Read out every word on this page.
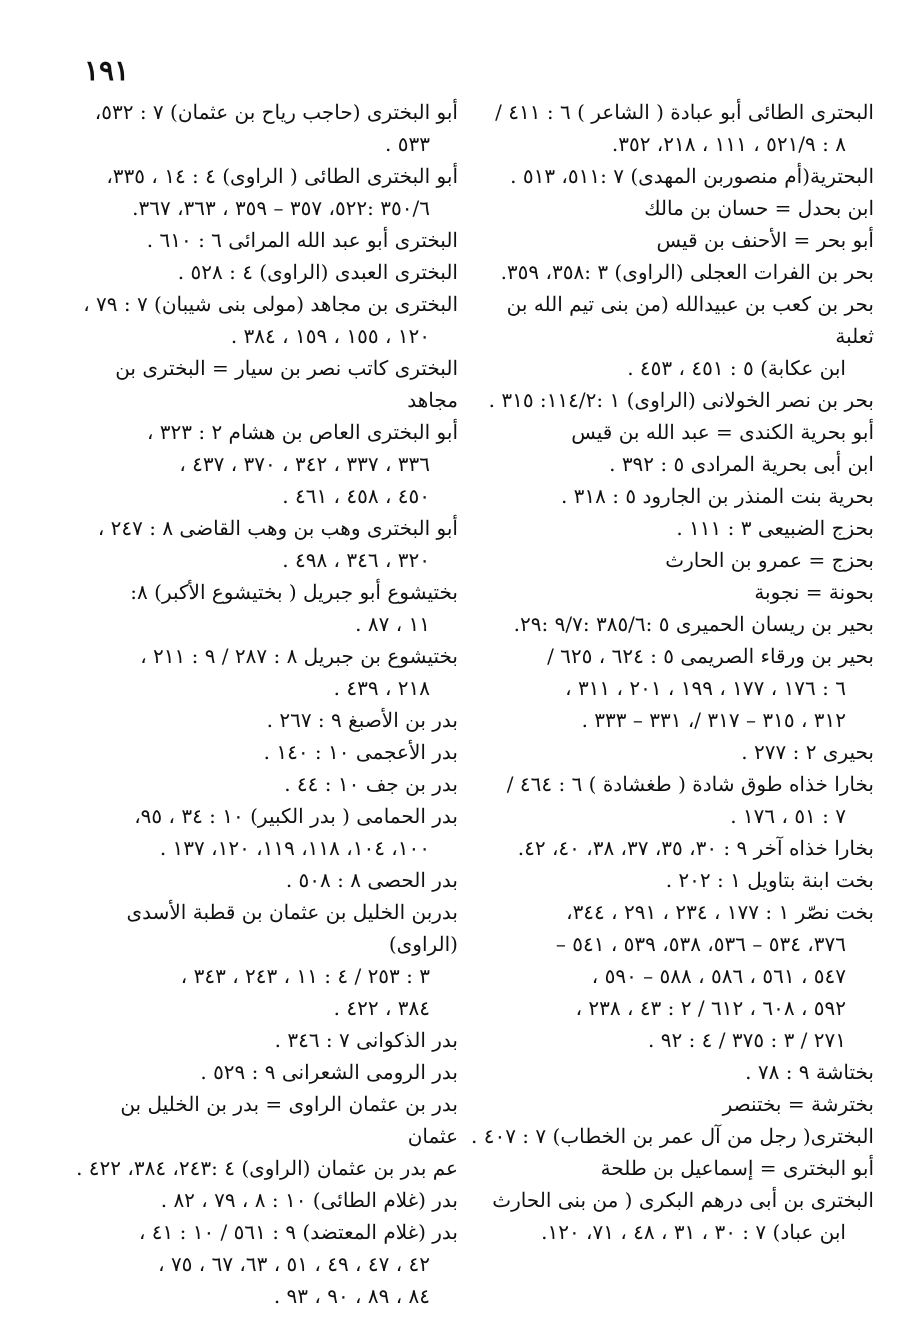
١٩١
البحترى الطائى أبو عبادة ( الشاعر ) ٦ : ٤١١ /

٨ : ٥٢١/٩ ، ١١١ ، ٢١٨، ٣٥٢.
البحترية(أم منصوربن المهدى) ٧ :٥١١، ٥١٣ .
ابن بحدل = حسان بن مالك
أبو بحر = الأحنف بن قيس
بحر بن الفرات العجلى (الراوى) ٣ :٣٥٨، ٣٥٩.
بحر بن كعب بن عبيدالله (من بنى تيم الله بن ثعلبة

ابن عكابة) ٥ : ٤٥١ ، ٤٥٣ .
بحر بن نصر الخولانى (الراوى) ١ :١١٤/٢: ٣١٥ .
أبو بحرية الكندى = عبد الله بن قيس
ابن أبى بحرية المرادى ٥ : ٣٩٢ .
بحرية بنت المنذر بن الجارود ٥ : ٣١٨ .
بحزج الضبيعى ٣ : ١١١ .
بحزج = عمرو بن الحارث
بحونة = نجوبة
بحير بن ريسان الحميرى ٥ :٣٨٥/٦ :٩/٧ :٢٩.
بحير بن ورقاء الصريمى ٥ : ٦٢٤ ، ٦٢٥ /

٦ : ١٧٦ ، ١٧٧ ، ١٩٩ ، ٢٠١ ، ٣١١ ،
٣١٢ ، ٣١٥ – ٣١٧ /، ٣٣١ – ٣٣٣ .
بحيرى ٢ : ٢٧٧ .
بخارا خذاه طوق شادة ( طغشادة ) ٦ : ٤٦٤ /

٧ : ٥١ ، ١٧٦ .
بخارا خذاه آخر ٩ : ٣٠، ٣٥، ٣٧، ٣٨، ٤٠، ٤٢.
بخت ابنة بتاويل ١ : ٢٠٢ .
بخت نصّر ١ : ١٧٧ ، ٢٣٤ ، ٢٩١ ، ٣٤٤،

٣٧٦، ٥٣٤ – ٥٣٦، ٥٣٨، ٥٣٩ ، ٥٤١ –
٥٤٧ ، ٥٦١ ، ٥٨٦ ، ٥٨٨ – ٥٩٠ ،
٥٩٢ ، ٦٠٨ ، ٦١٢ / ٢ : ٤٣ ، ٢٣٨ ،
٢٧١ / ٣ : ٣٧٥ / ٤ : ٩٢ .
بختاشة ٩ : ٧٨ .
بخترشة = بختنصر
البخترى( رجل من آل عمر بن الخطاب) ٧ : ٤٠٧ .
أبو البخترى = إسماعيل بن طلحة
البخترى بن أبى درهم البكرى ( من بنى الحارث

ابن عباد) ٧ : ٣٠ ، ٣١ ، ٤٨ ، ٧١، ١٢٠.
أبو البخترى (حاجب رياح بن عثمان) ٧ : ٥٣٢،

٥٣٣ .
أبو البخترى الطائى ( الراوى) ٤ : ١٤ ، ٣٣٥،

٣٥٠/٦ :٥٢٢، ٣٥٧ – ٣٥٩ ، ٣٦٣، ٣٦٧.
البخترى أبو عبد الله المرائى ٦ : ٦١٠ .
البخترى العبدى (الراوى) ٤ : ٥٢٨ .
البخترى بن مجاهد (مولى بنى شيبان) ٧ : ٧٩ ،

١٢٠ ، ١٥٥ ، ١٥٩ ، ٣٨٤ .
البخترى كاتب نصر بن سيار = البخترى بن مجاهد
أبو البخترى العاص بن هشام ٢ : ٣٢٣ ،

٣٣٦ ، ٣٣٧ ، ٣٤٢ ، ٣٧٠ ، ٤٣٧ ،
٤٥٠ ، ٤٥٨ ، ٤٦١ .
أبو البخترى وهب بن وهب القاضى ٨ : ٢٤٧ ،

٣٢٠ ، ٣٤٦ ، ٤٩٨ .
بختيشوع أبو جبريل ( بختيشوع الأكبر) ٨:

١١ ، ٨٧ .
بختيشوع بن جبريل ٨ : ٢٨٧ / ٩ : ٢١١ ،

٢١٨ ، ٤٣٩ .
بدر بن الأصبغ ٩ : ٢٦٧ .
بدر الأعجمى ١٠ : ١٤٠ .
بدر بن جف ١٠ : ٤٤ .
بدر الحمامى ( بدر الكبير) ١٠ : ٣٤ ، ٩٥،

١٠٠، ١٠٤، ١١٨، ١١٩، ١٢٠، ١٣٧ .
بدر الحصى ٨ : ٥٠٨ .
بدربن الخليل بن عثمان بن قطبة الأسدى (الراوى)

٣ : ٢٥٣ / ٤ : ١١ ، ٢٤٣ ، ٣٤٣ ،
٣٨٤ ، ٤٢٢ .
بدر الذكوانى ٧ : ٣٤٦ .
بدر الرومى الشعرانى ٩ : ٥٢٩ .
بدر بن عثمان الراوى = بدر بن الخليل بن عثمان
عم بدر بن عثمان (الراوى) ٤ :٢٤٣، ٣٨٤، ٤٢٢ .
بدر (غلام الطائى) ١٠ : ٨ ، ٧٩ ، ٨٢ .
بدر (غلام المعتضد) ٩ : ٥٦١ / ١٠ : ٤١ ،

٤٢ ، ٤٧ ، ٤٩ ، ٥١ ، ٦٣، ٦٧ ، ٧٥ ،
٨٤ ، ٨٩ ، ٩٠ ، ٩٣ .
